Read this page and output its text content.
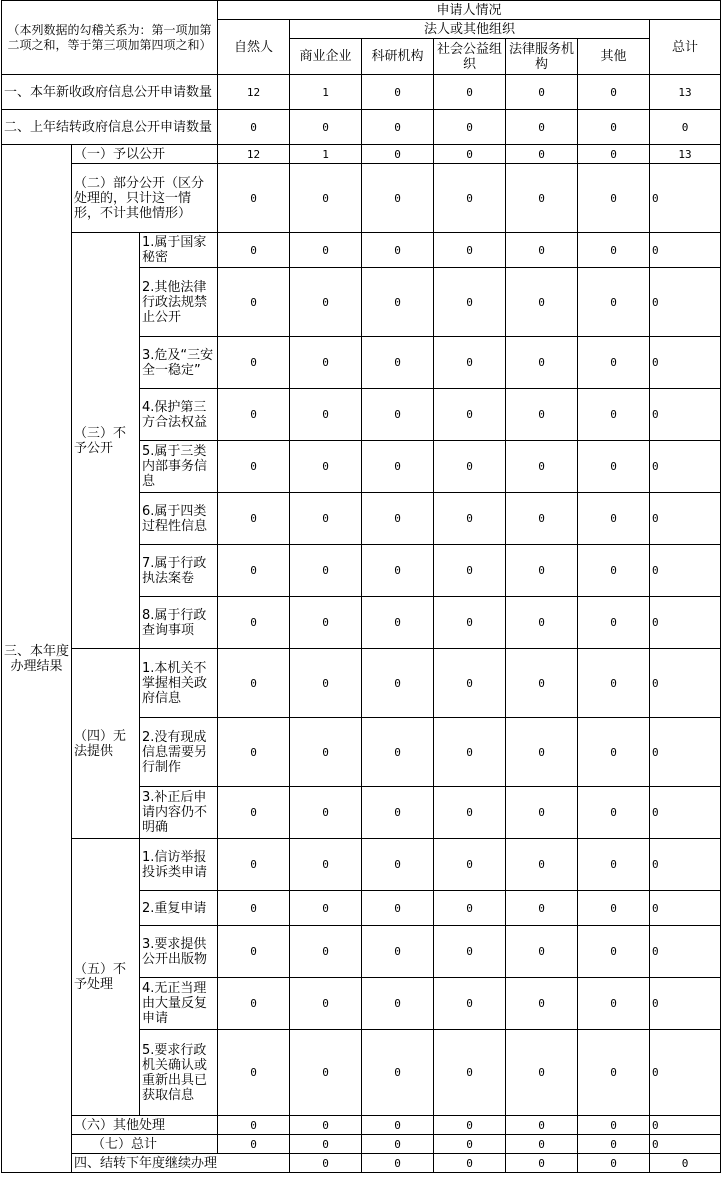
（本列数据的勾稽关系为：第一项加第二项之和，等于第三项加第四项之和）			申请人情况							
			自然人	法人或其他组织					总计	
				商业企业	科研机构	社会公益组织	法律服务机构	其他		
一、本年新收政府信息公开申请数量			12	1	0	0	0	0	13	
二、上年结转政府信息公开申请数量			0	0	0	0	0	0	0	
三、本年度办理结果	（一）予以公开		12	1	0	0	0	0	13	
	（二）部分公开（区分处理的，只计这一情形，不计其他情形）		0	0	0	0	0	0	0	
	（三）不予公开	1.属于国家秘密	0	0	0	0	0	0	0	
		2.其他法律行政法规禁止公开	0	0	0	0	0	0	0	
		3.危及“三安全一稳定”	0	0	0	0	0	0	0	
		4.保护第三方合法权益	0	0	0	0	0	0	0	
		5.属于三类内部事务信息	0	0	0	0	0	0	0	
		6.属于四类过程性信息	0	0	0	0	0	0	0	
		7.属于行政执法案卷	0	0	0	0	0	0	0	
		8.属于行政查询事项	0	0	0	0	0	0	0	
	（四）无法提供	1.本机关不掌握相关政府信息	0	0	0	0	0	0	0	
		2.没有现成信息需要另行制作	0	0	0	0	0	0	0	
		3.补正后申请内容仍不明确	0	0	0	0	0	0	0	
	（五）不予处理	1.信访举报投诉类申请	0	0	0	0	0	0	0	
		2.重复申请	0	0	0	0	0	0	0	
		3.要求提供公开出版物	0	0	0	0	0	0	0	
		4.无正当理由大量反复申请	0	0	0	0	0	0	0	
		5.要求行政机关确认或重新出具已获取信息	0	0	0	0	0	0	0	
	（六）其他处理		0	0	0	0	0	0	0	
	（七）总计		0	0	0	0	0	0	0	
	四、结转下年度继续办理			0	0	0	0	0	0	
